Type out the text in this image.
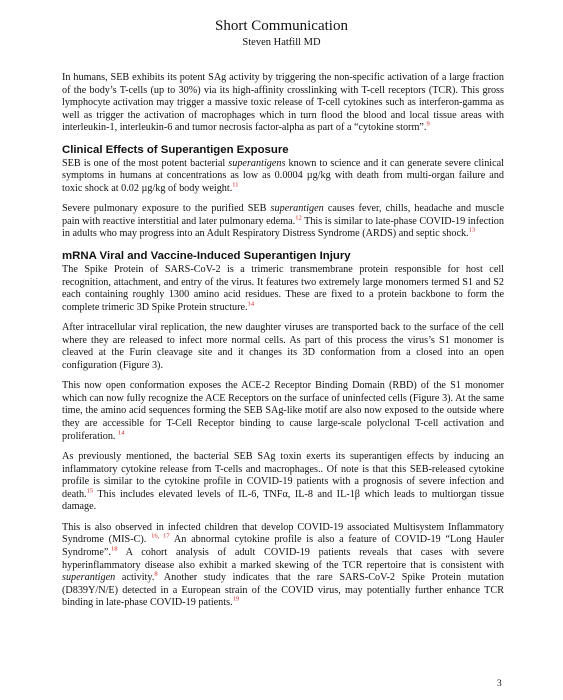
Short Communication
Steven Hatfill MD

In humans, SEB exhibits its potent SAg activity by triggering the non-specific activation of a large fraction of the body’s T-cells (up to 30%) via its high-affinity crosslinking with T-cell receptors (TCR). This gross lymphocyte activation may trigger a massive toxic release of T-cell cytokines such as interferon-gamma as well as trigger the activation of macrophages which in turn flood the blood and local tissue areas with interleukin-1, interleukin-6 and tumor necrosis factor-alpha as part of a “cytokine storm”.$^9$

Clinical Effects of Superantigen Exposure

SEB is one of the most potent bacterial superantigens known to science and it can generate severe clinical symptoms in humans at concentrations as low as 0.0004 µg/kg with death from multi-organ failure and toxic shock at 0.02 µg/kg of body weight.$^{11}$

Severe pulmonary exposure to the purified SEB superantigen causes fever, chills, headache and muscle pain with reactive interstitial and later pulmonary edema.$^{12}$ This is similar to late-phase COVID-19 infection in adults who may progress into an Adult Respiratory Distress Syndrome (ARDS) and septic shock.$^{13}$

mRNA Viral and Vaccine-Induced Superantigen Injury

The Spike Protein of SARS-CoV-2 is a trimeric transmembrane protein responsible for host cell recognition, attachment, and entry of the virus. It features two extremely large monomers termed S1 and S2 each containing roughly 1300 amino acid residues. These are fixed to a protein backbone to form the complete trimeric 3D Spike Protein structure.$^{14}$

After intracellular viral replication, the new daughter viruses are transported back to the surface of the cell where they are released to infect more normal cells. As part of this process the virus’s S1 monomer is cleaved at the Furin cleavage site and it changes its 3D conformation from a closed into an open configuration (Figure 3).

This now open conformation exposes the ACE-2 Receptor Binding Domain (RBD) of the S1 monomer which can now fully recognize the ACE Receptors on the surface of uninfected cells (Figure 3). At the same time, the amino acid sequences forming the SEB SAg-like motif are also now exposed to the outside where they are accessible for T-Cell Receptor binding to cause large-scale polyclonal T-cell activation and proliferation. $^{14}$

As previously mentioned, the bacterial SEB SAg toxin exerts its superantigen effects by inducing an inflammatory cytokine release from T-cells and macrophages.. Of note is that this SEB-released cytokine profile is similar to the cytokine profile in COVID-19 patients with a prognosis of severe infection and death.$^{15}$ This includes elevated levels of IL-6, TNFα, IL-8 and IL-1β which leads to multiorgan tissue damage.

This is also observed in infected children that develop COVID-19 associated Multisystem Inflammatory Syndrome (MIS-C). $^{16, 17}$ An abnormal cytokine profile is also a feature of COVID-19 “Long Hauler Syndrome”.$^{18}$ A cohort analysis of adult COVID-19 patients reveals that cases with severe hyperinflammatory disease also exhibit a marked skewing of the TCR repertoire that is consistent with superantigen activity.$^8$ Another study indicates that the rare SARS-CoV-2 Spike Protein mutation (D839Y/N/E) detected in a European strain of the COVID virus, may potentially further enhance TCR binding in late-phase COVID-19 patients.$^{19}$

3
